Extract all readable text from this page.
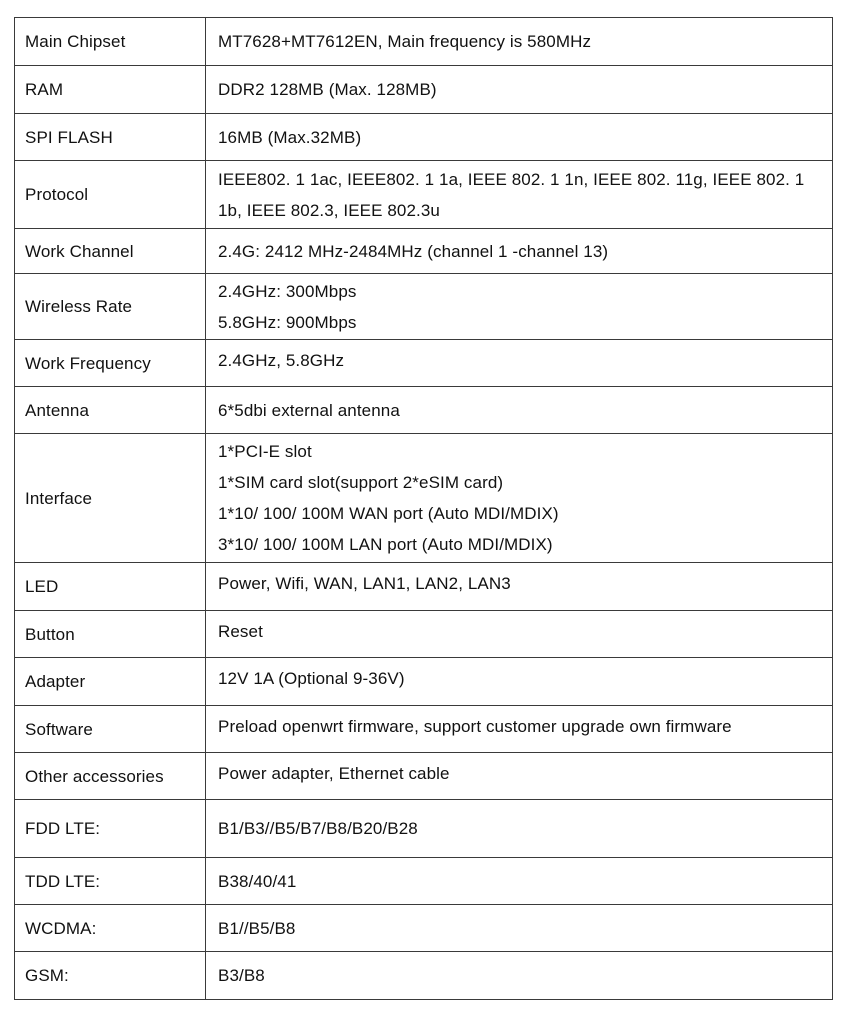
Main Chipset	MT7628+MT7612EN, Main frequency is 580MHz

RAM	DDR2 128MB (Max. 128MB)

SPI FLASH	16MB (Max.32MB)

Protocol	IEEE802. 1 1ac, IEEE802. 1 1a, IEEE 802. 1 1n, IEEE 802. 11g, IEEE 802. 1
1b, IEEE 802.3, IEEE 802.3u

Work Channel	2.4G: 2412 MHz-2484MHz (channel 1 -channel 13)

Wireless Rate	2.4GHz: 300Mbps
5.8GHz: 900Mbps

Work Frequency	2.4GHz, 5.8GHz

Antenna	6*5dbi external antenna

Interface	1*PCI-E slot
1*SIM card slot(support 2*eSIM card)
1*10/ 100/ 100M WAN port (Auto MDI/MDIX)
3*10/ 100/ 100M LAN port (Auto MDI/MDIX)

LED	Power, Wifi, WAN, LAN1, LAN2, LAN3

Button	Reset

Adapter	12V 1A (Optional 9-36V)

Software	Preload openwrt firmware, support customer upgrade own firmware

Other accessories	Power adapter, Ethernet cable

FDD LTE:	B1/B3//B5/B7/B8/B20/B28

TDD LTE:	B38/40/41

WCDMA:	B1//B5/B8

GSM:	B3/B8
